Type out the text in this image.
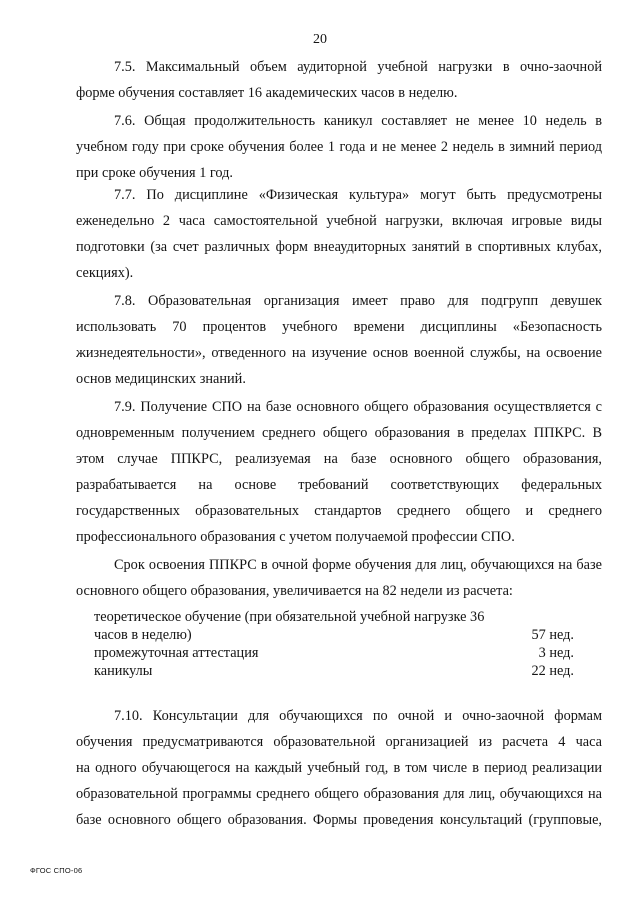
20
7.5. Максимальный объем аудиторной учебной нагрузки в очно-заочной
форме обучения составляет 16 академических часов в неделю.
7.6. Общая продолжительность каникул составляет не менее 10 недель в
учебном году при сроке обучения более 1 года и не менее 2 недель в зимний период
при сроке обучения 1 год.
7.7. По дисциплине «Физическая культура» могут быть предусмотрены
еженедельно 2 часа самостоятельной учебной нагрузки, включая игровые виды
подготовки (за счет различных форм внеаудиторных занятий в спортивных клубах,
секциях).
7.8. Образовательная организация имеет право для подгрупп девушек
использовать 70 процентов учебного времени дисциплины «Безопасность
жизнедеятельности», отведенного на изучение основ военной службы, на освоение
основ медицинских знаний.
7.9. Получение СПО на базе основного общего образования осуществляется с
одновременным получением среднего общего образования в пределах ППКРС. В
этом случае ППКРС, реализуемая на базе основного общего образования,
разрабатывается на основе требований соответствующих федеральных
государственных образовательных стандартов среднего общего и среднего
профессионального образования с учетом получаемой профессии СПО.
Срок освоения ППКРС в очной форме обучения для лиц, обучающихся на базе
основного общего образования, увеличивается на 82 недели из расчета:
теоретическое обучение (при обязательной учебной нагрузке 36
часов в неделю)	57 нед.
промежуточная аттестация	3 нед.
каникулы	22 нед.
7.10. Консультации для обучающихся по очной и очно-заочной формам
обучения предусматриваются образовательной организацией из расчета 4 часа
на одного обучающегося на каждый учебный год, в том числе в период реализации
образовательной программы среднего общего образования для лиц, обучающихся на
базе основного общего образования. Формы проведения консультаций (групповые,
ФГОС СПО-06
